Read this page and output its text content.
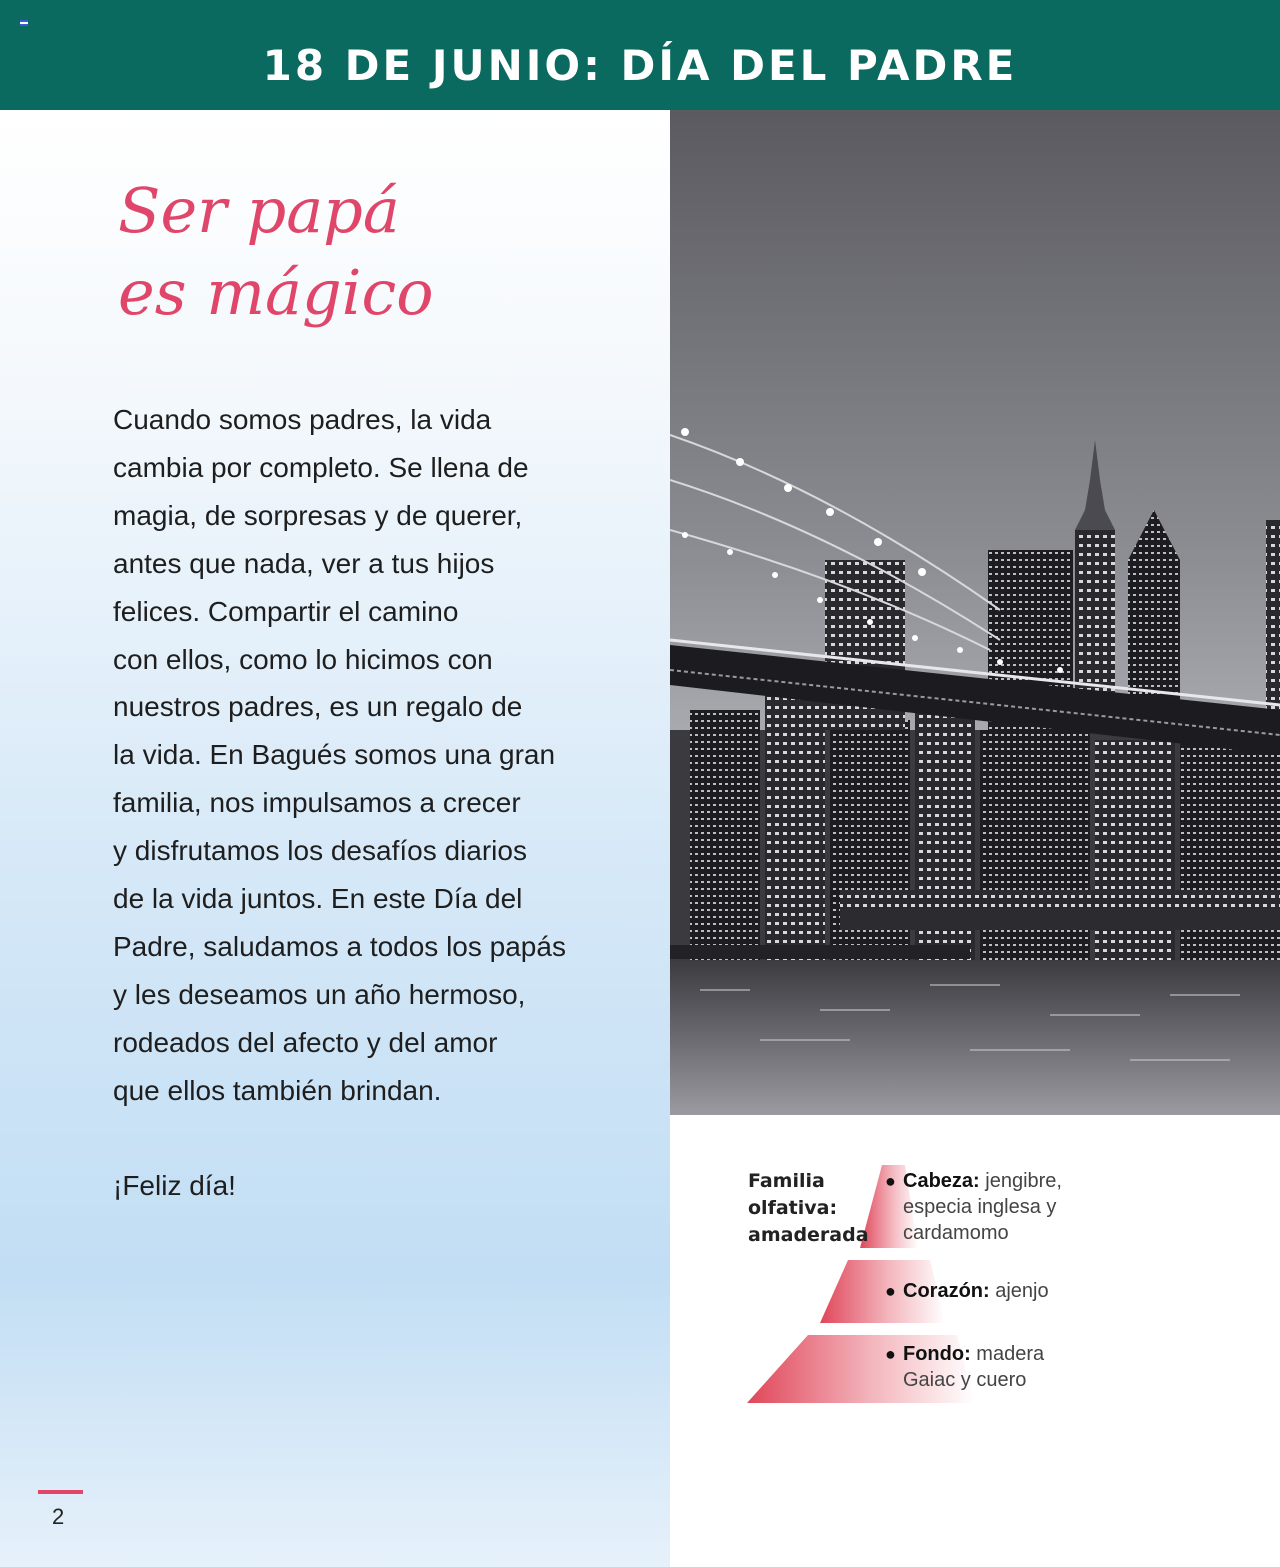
18 DE JUNIO: DÍA DEL PADRE
Ser papá
es mágico

Cuando somos padres, la vida
cambia por completo. Se llena de
magia, de sorpresas y de querer,
antes que nada, ver a tus hijos
felices. Compartir el camino
con ellos, como lo hicimos con
nuestros padres, es un regalo de
la vida. En Bagués somos una gran
familia, nos impulsamos a crecer
y disfrutamos los desafíos diarios
de la vida juntos. En este Día del
Padre, saludamos a todos los papás
y les deseamos un año hermoso,
rodeados del afecto y del amor
que ellos también brindan.

¡Feliz día!

2
Familia
olfativa:
amaderada
● Cabeza: jengibre, especia inglesa y cardamomo
● Corazón: ajenjo
● Fondo: madera Gaiac y cuero
